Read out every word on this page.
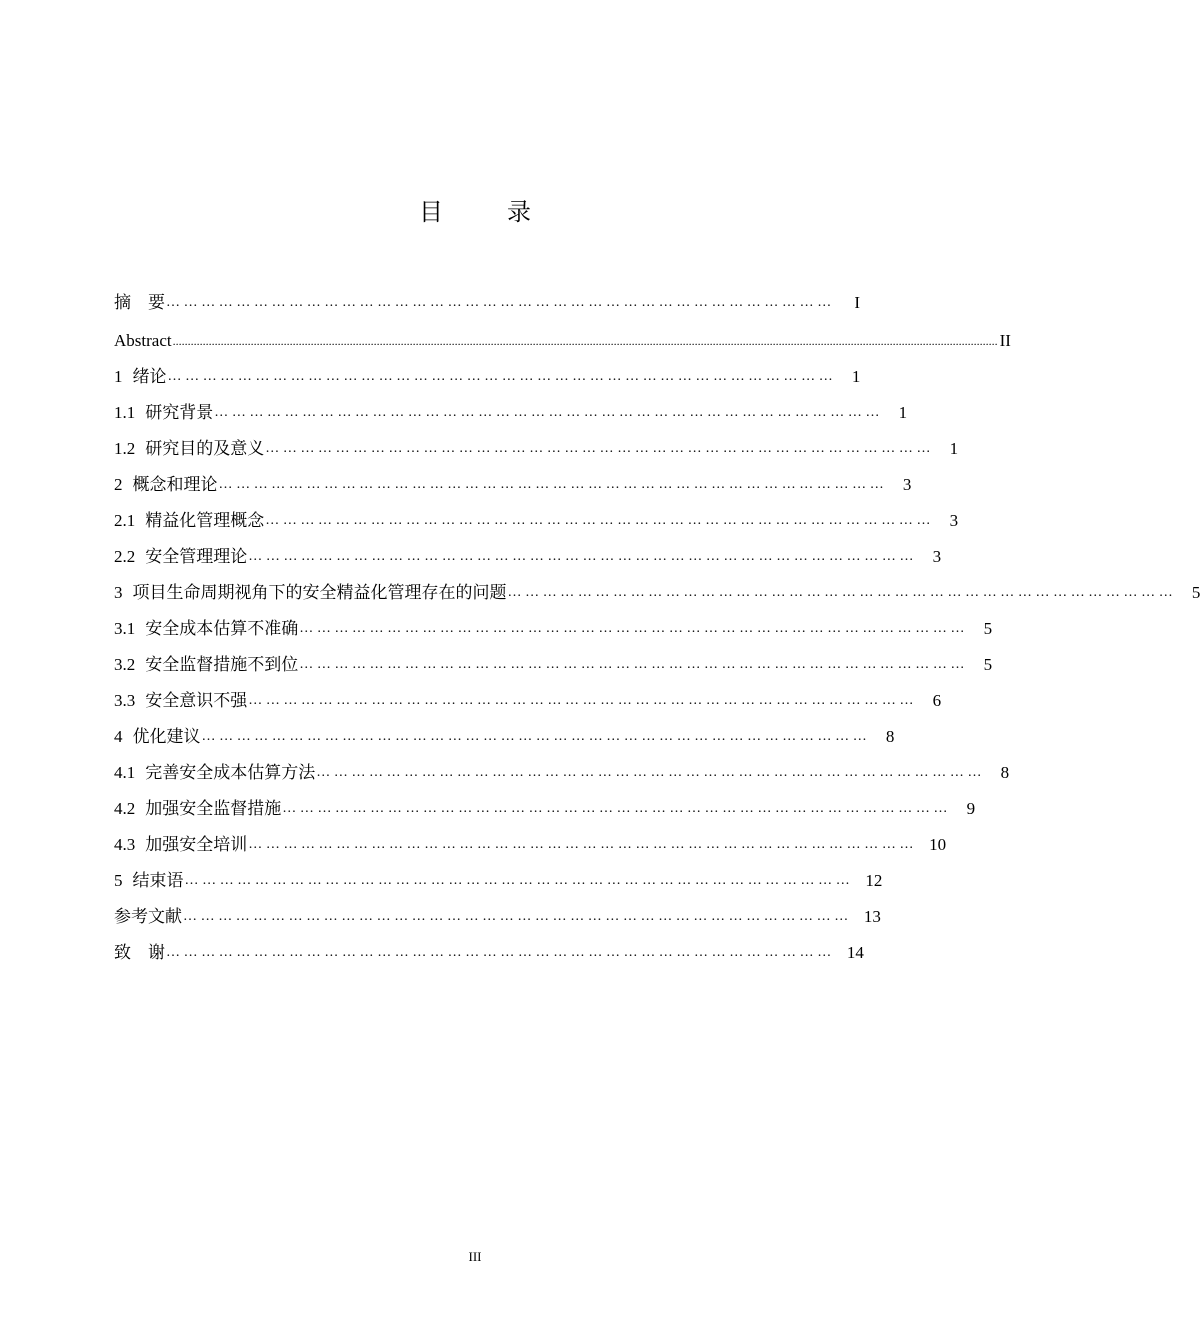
目　录
摘　要 ……………………………………………………………………………………………………	I
Abstract ................................................................................................................................................................................................................................................................................... II
1 绪论 …………………………………………………………………………………………………… 1
1.1 研究背景 …………………………………………………………………………………………………… 1
1.2 研究目的及意义 …………………………………………………………………………………………………… 1
2 概念和理论 …………………………………………………………………………………………………… 3
2.1 精益化管理概念 …………………………………………………………………………………………………… 3
2.2 安全管理理论 …………………………………………………………………………………………………… 3
3 项目生命周期视角下的安全精益化管理存在的问题 …………………………………………………………………………………………………… 5
3.1 安全成本估算不准确 …………………………………………………………………………………………………… 5
3.2 安全监督措施不到位 …………………………………………………………………………………………………… 5
3.3 安全意识不强 …………………………………………………………………………………………………… 6
4 优化建议 …………………………………………………………………………………………………… 8
4.1 完善安全成本估算方法 …………………………………………………………………………………………………… 8
4.2 加强安全监督措施 …………………………………………………………………………………………………… 9
4.3 加强安全培训 …………………………………………………………………………………………………… 10
5 结束语 …………………………………………………………………………………………………… 12
参考文献 …………………………………………………………………………………………………… 13
致　谢 …………………………………………………………………………………………………… 14
III
